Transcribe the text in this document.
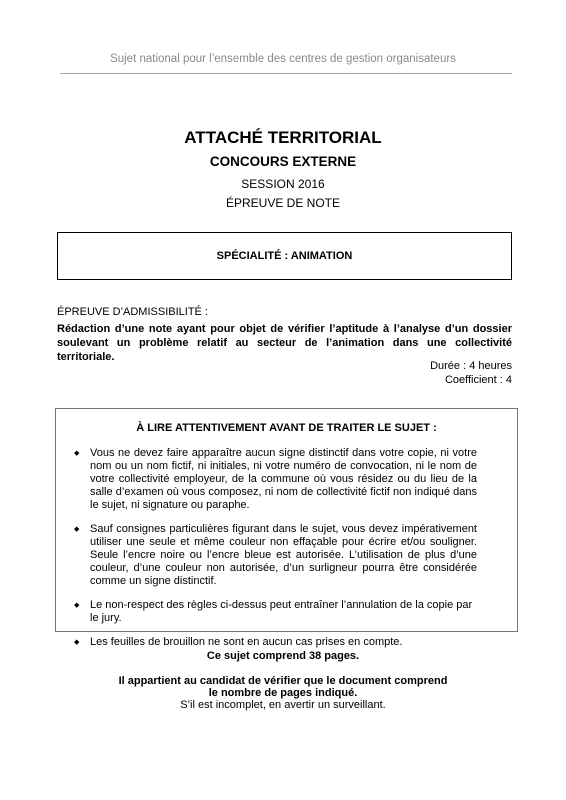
Sujet national pour l’ensemble des centres de gestion organisateurs
ATTACHÉ TERRITORIAL
CONCOURS EXTERNE
SESSION 2016
ÉPREUVE DE NOTE
SPÉCIALITÉ : ANIMATION
ÉPREUVE D’ADMISSIBILITÉ :
Rédaction d’une note ayant pour objet de vérifier l’aptitude à l’analyse d’un dossier soulevant un problème relatif au secteur de l’animation dans une collectivité territoriale.
Durée : 4 heures
Coefficient : 4
À LIRE ATTENTIVEMENT AVANT DE TRAITER LE SUJET :
◆ Vous ne devez faire apparaître aucun signe distinctif dans votre copie, ni votre nom ou un nom fictif, ni initiales, ni votre numéro de convocation, ni le nom de votre collectivité employeur, de la commune où vous résidez ou du lieu de la salle d’examen où vous composez, ni nom de collectivité fictif non indiqué dans le sujet, ni signature ou paraphe.
◆ Sauf consignes particulières figurant dans le sujet, vous devez impérativement utiliser une seule et même couleur non effaçable pour écrire et/ou souligner. Seule l’encre noire ou l’encre bleue est autorisée. L’utilisation de plus d’une couleur, d’une couleur non autorisée, d’un surligneur pourra être considérée comme un signe distinctif.
◆ Le non-respect des règles ci-dessus peut entraîner l’annulation de la copie par le jury.
◆ Les feuilles de brouillon ne sont en aucun cas prises en compte.
Ce sujet comprend 38 pages.
Il appartient au candidat de vérifier que le document comprend
le nombre de pages indiqué.
S’il est incomplet, en avertir un surveillant.
